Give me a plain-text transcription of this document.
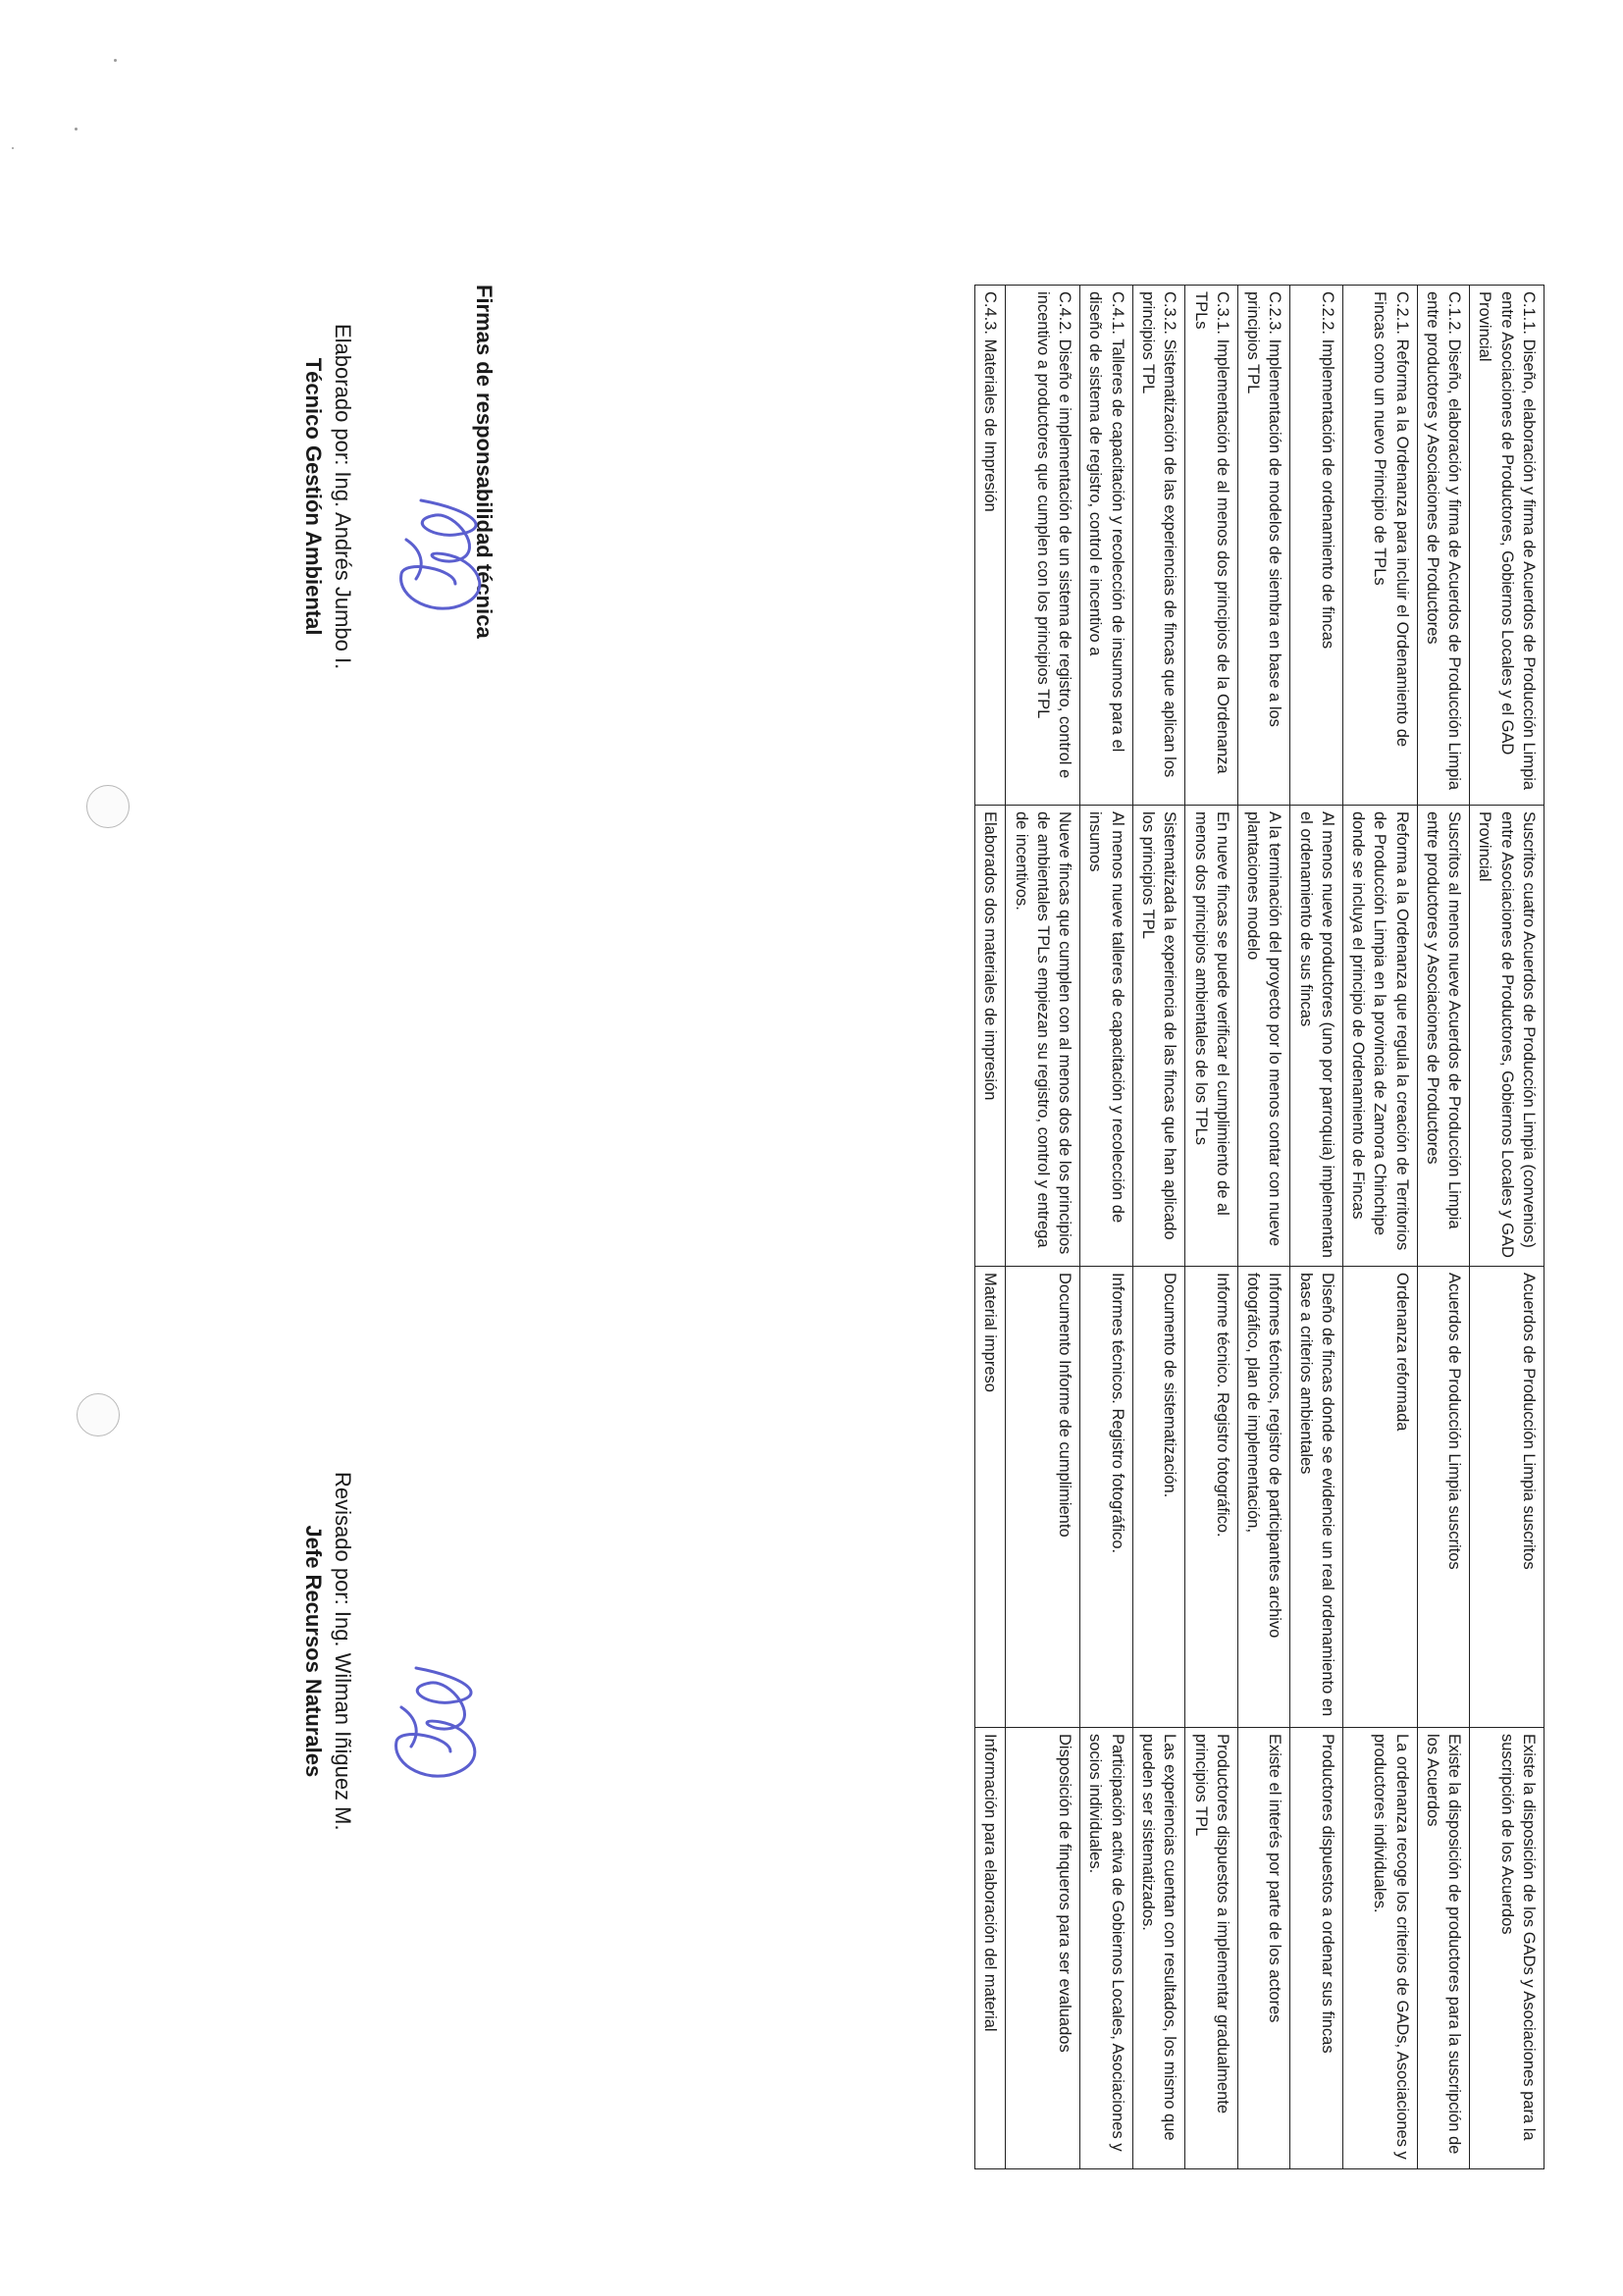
C.1.1. Diseño, elaboración y firma de Acuerdos de Producción Limpia entre Asociaciones de Productores, Gobiernos Locales y el GAD Provincial	Suscritos cuatro Acuerdos de Producción Limpia (convenios) entre Asociaciones de Productores, Gobiernos Locales y GAD Provincial	Acuerdos de Producción Limpia suscritos	Existe la disposición de los GADs y Asociaciones para la suscripción de los Acuerdos
C.1.2. Diseño, elaboración y firma de Acuerdos de Producción Limpia entre productores y Asociaciones de Productores	Suscritos al menos nueve Acuerdos de Producción Limpia entre productores y Asociaciones de Productores	Acuerdos de Producción Limpia suscritos	Existe la disposición de productores para la suscripción de los Acuerdos
C.2.1. Reforma a la Ordenanza para incluir el Ordenamiento de Fincas como un nuevo Principio de TPLs	Reforma a la Ordenanza que regula la creación de Territorios de Producción Limpia en la provincia de Zamora Chinchipe donde se incluya el principio de Ordenamiento de Fincas	Ordenanza reformada	La ordenanza recoge los criterios de GADs, Asociaciones y productores individuales.
C.2.2. Implementación de ordenamiento de fincas	Al menos nueve productores (uno por parroquia) implementan el ordenamiento de sus fincas	Diseño de fincas donde se evidencie un real ordenamiento en base a criterios ambientales	Productores dispuestos a ordenar sus fincas
C.2.3. Implementación de modelos de siembra en base a los principios TPL	A la terminación del proyecto por lo menos contar con nueve plantaciones modelo	Informes técnicos, registro de participantes archivo fotográfico, plan de implementación,	Existe el interés por parte de los actores
C.3.1. Implementación de al menos dos principios de la Ordenanza TPLs	En nueve fincas se puede verificar el cumplimiento de al menos dos principios ambientales de los TPLs	Informe técnico. Registro fotográfico.	Productores dispuestos a implementar gradualmente principios TPL
C.3.2. Sistematización de las experiencias de fincas que aplican los principios TPL	Sistematizada la experiencia de las fincas que han aplicado los principios TPL	Documento de sistematización.	Las experiencias cuentan con resultados, los mismo que pueden ser sistematizados.
C.4.1. Talleres de capacitación y recolección de insumos para el diseño de sistema de registro, control e incentivo a	Al menos nueve talleres de capacitación y recolección de insumos	Informes técnicos. Registro fotográfico.	Participación activa de Gobiernos Locales, Asociaciones y socios individuales.
C.4.2. Diseño e implementación de un sistema de registro, control e incentivo a productores que cumplen con los principios TPL	Nueve fincas que cumplen con al menos dos de los principios de ambientales TPLs empiezan su registro, control y entrega de incentivos.	Documento Informe de cumplimiento	Disposición de finqueros para ser evaluados
C.4.3. Materiales de Impresión	Elaborados dos materiales de impresión	Material impreso	Información para elaboración del material
Firmas de responsabilidad técnica
Elaborado por: Ing. Andrés Jumbo I.
Técnico Gestión Ambiental
Revisado por: Ing. Wilman Iñiguez M.
Jefe Recursos Naturales
